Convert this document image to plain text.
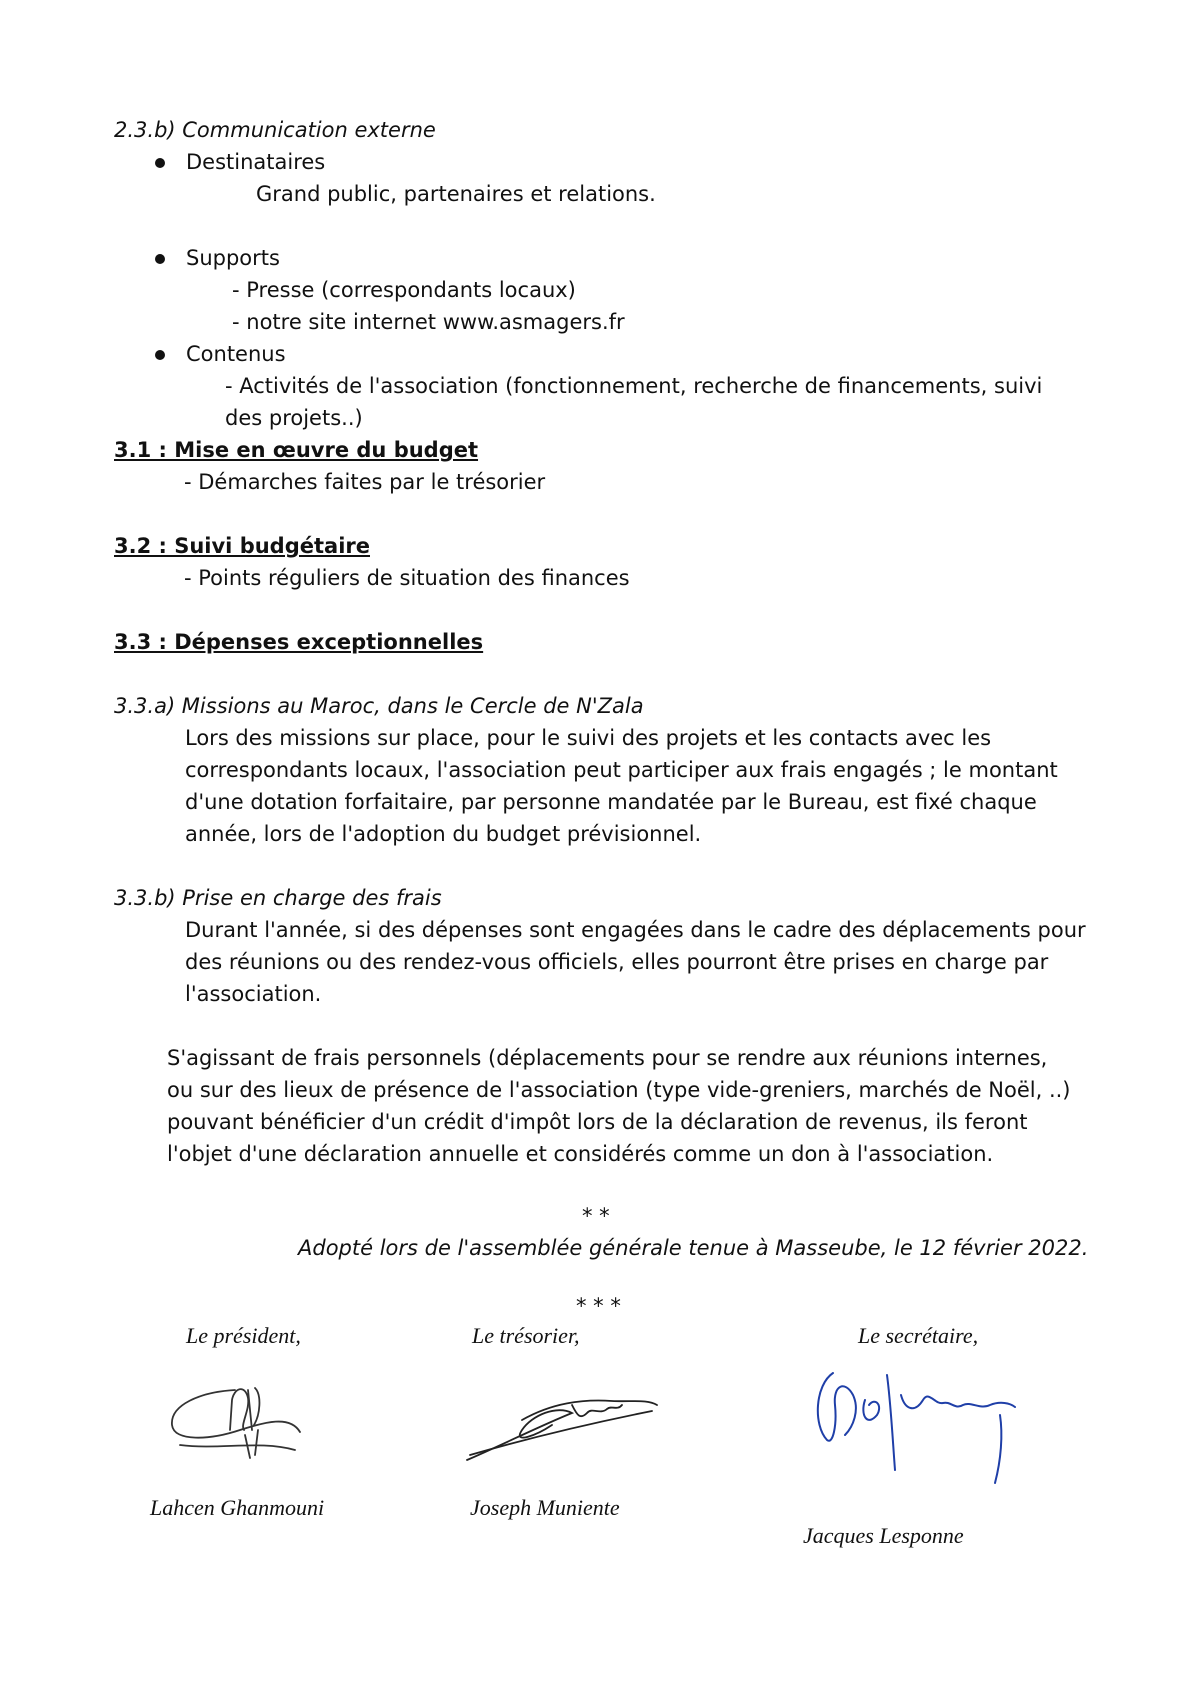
2.3.b) Communication externe
Destinataires
Grand public, partenaires et relations.
Supports
- Presse (correspondants locaux)
- notre site internet www.asmagers.fr
Contenus
- Activités de l'association (fonctionnement, recherche de financements, suivi
des projets..)
3.1 : Mise en œuvre du budget
- Démarches faites par le trésorier
3.2 : Suivi budgétaire
- Points réguliers de situation des finances
3.3 : Dépenses exceptionnelles
3.3.a) Missions au Maroc, dans le Cercle de N'Zala
Lors des missions sur place, pour le suivi des projets et les contacts avec les
correspondants locaux, l'association peut participer aux frais engagés ; le montant
d'une dotation forfaitaire, par personne mandatée par le Bureau, est fixé chaque
année, lors de l'adoption du budget prévisionnel.
3.3.b) Prise en charge des frais
Durant l'année, si des dépenses sont engagées dans le cadre des déplacements pour
des réunions ou des rendez-vous officiels, elles pourront être prises en charge par
l'association.
S'agissant de frais personnels (déplacements pour se rendre aux réunions internes,
ou sur des lieux de présence de l'association (type vide-greniers, marchés de Noël, ..)
pouvant bénéficier d'un crédit d'impôt lors de la déclaration de revenus, ils feront
l'objet d'une déclaration annuelle et considérés comme un don à l'association.
* *
Adopté lors de l'assemblée générale tenue à Masseube, le 12 février 2022.
* * *
Le président,	Le trésorier,	Le secrétaire,
Lahcen Ghanmouni	Joseph Muniente
Jacques Lesponne
